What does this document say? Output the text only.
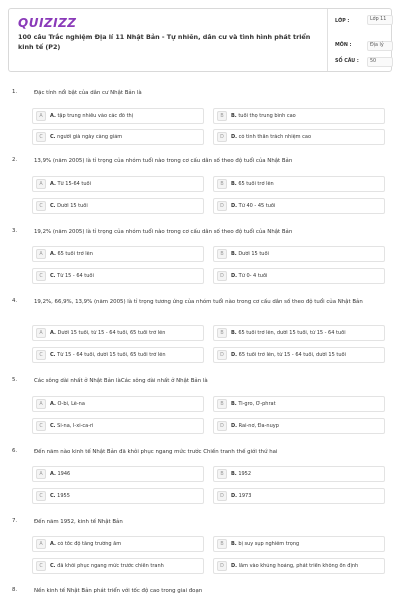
QUIZIZZ
100 câu Trắc nghiệm Địa lí 11 Nhật Bản - Tự nhiên, dân cư và tình hình phát triển kinh tế (P2)
LỚP :	Lớp 11
MÔN :	Địa lý
SỐ CÂU :	50
1.	Đặc tính nổi bật của dân cư Nhật Bản là
A	A. tập trung nhiều vào các đô thị	B	B. tuổi thọ trung bình cao
C	C. người già ngày càng giảm	D	D. có tinh thần trách nhiệm cao
2.	13,9% (năm 2005) là tỉ trọng của nhóm tuổi nào trong cơ cấu dân số theo độ tuổi của Nhật Bản
A	A. Từ 15-64 tuổi	B	B. 65 tuổi trở lên
C	C. Dưới 15 tuổi	D	D. Từ 40 - 45 tuổi
3.	19,2% (năm 2005) là tỉ trọng của nhóm tuổi nào trong cơ cấu dân số theo độ tuổi của Nhật Bản
A	A. 65 tuổi trở lên	B	B. Dưới 15 tuổi
C	C. Từ 15 - 64 tuổi	D	D. Từ 0- 4 tuổi
4.	19,2%, 66,9%, 13,9% (năm 2005) là tỉ trọng tương ứng của nhóm tuổi nào trong cơ cấu dân số theo độ tuổi của Nhật Bản
A	A. Dưới 15 tuổi, từ 15 - 64 tuổi, 65 tuổi trở lên	B	B. 65 tuổi trở lên, dưới 15 tuổi, từ 15 - 64 tuổi
C	C. Từ 15 - 64 tuổi, dưới 15 tuổi, 65 tuổi trở lên	D	D. 65 tuổi trở lên, từ 15 - 64 tuổi, dưới 15 tuổi
5.	Các sông dài nhất ở Nhật Bản làCác sông dài nhất ở Nhật Bản là
A	A. Ô-bi, Lê-na	B	B. Ti-gro, Ơ-phrat
C	C. Si-na, I-xi-ca-ri	D	D. Rai-nơ, Đa-nuyp
6.	Đến năm nào kinh tế Nhật Bản đã khôi phục ngang mức trước Chiến tranh thế giới thứ hai
A	A. 1946	B	B. 1952
C	C. 1955	D	D. 1973
7.	Đến năm 1952, kinh tế Nhật Bản
A	A. có tốc độ tăng trưởng âm	B	B. bị suy sụp nghiêm trọng
C	C. đã khôi phục ngang mức trước chiến tranh	D	D. lâm vào khủng hoảng, phát triển không ổn định
8.	Nền kinh tế Nhật Bản phát triển với tốc độ cao trong giai đoạn
